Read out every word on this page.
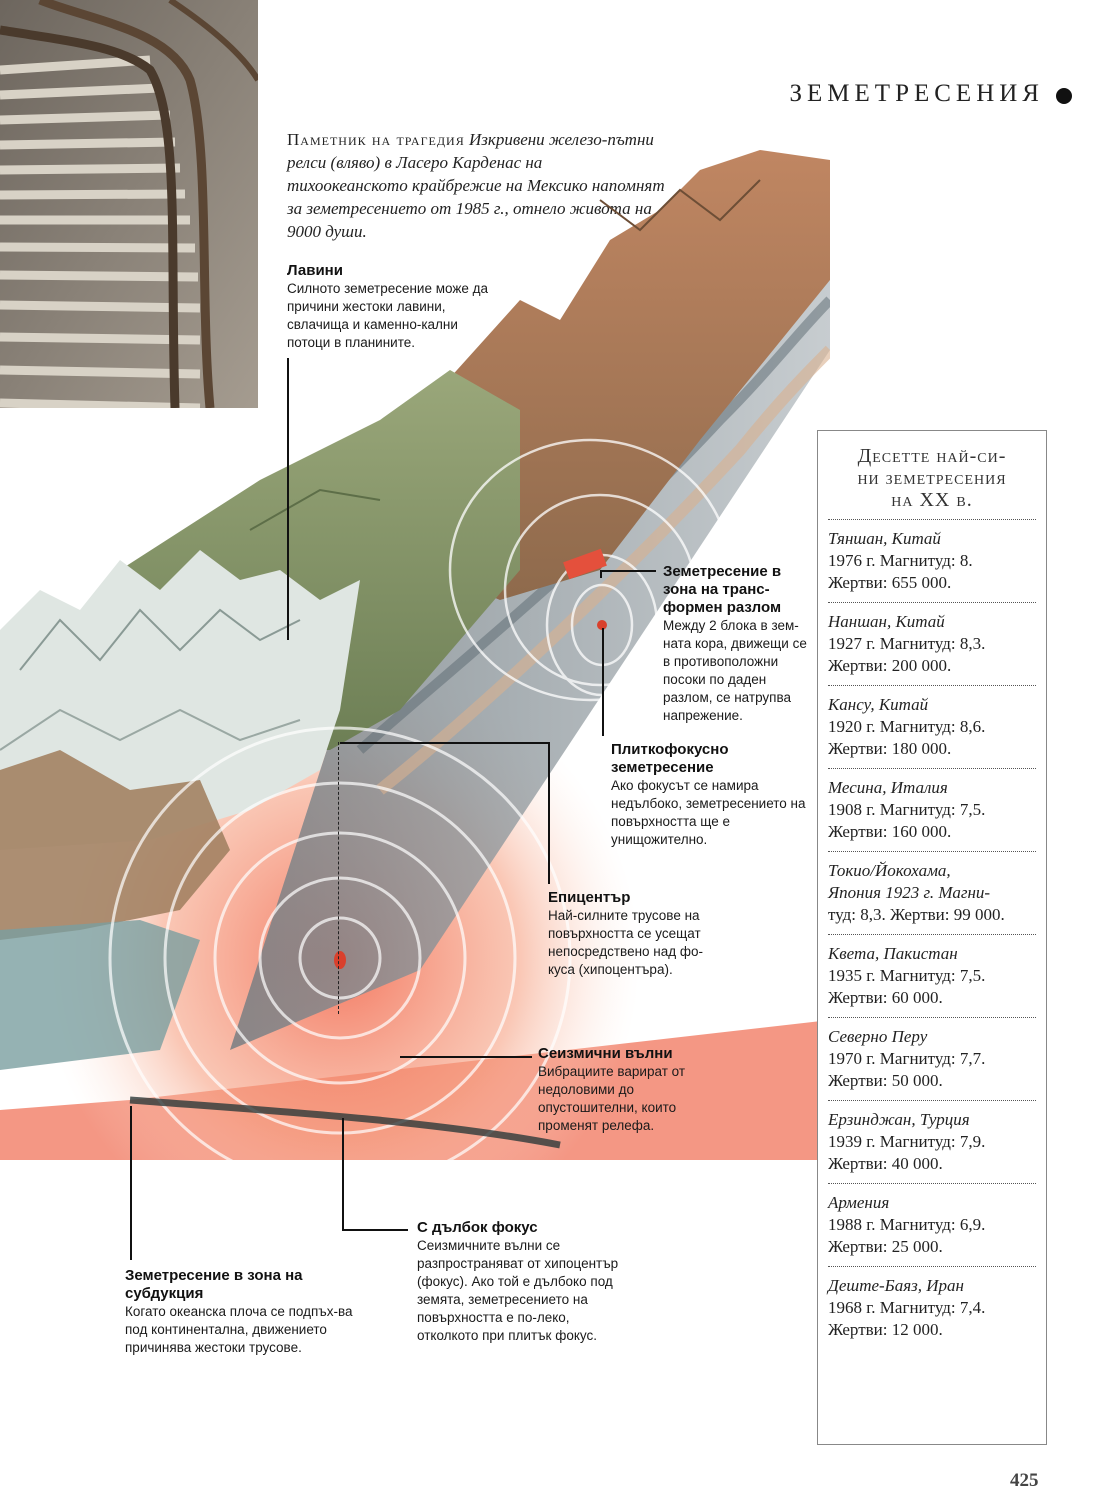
ЗЕМЕТРЕСЕНИЯ
Паметник на трагедия Изкривени железо-пътни релси (вляво) в Ласеро Карденас на тихоокеанското крайбрежие на Мексико напомнят за земетресението от 1985 г., отнело живота на 9000 души.
Лавини
Силното земетресение може да причини жестоки лавини, свлачища и каменно-кални потоци в планините.
Земетресение в зона на транс-формен разлом
Между 2 блока в зем-ната кора, движещи се в противоположни посоки по даден разлом, се натрупва напрежение.
Плиткофокусно земетресение
Ако фокусът се намира недълбоко, земетресението на повърхността ще е унищожително.
Епицентър
Най-силните трусове на повърхността се усещат непосредствено над фо-куса (хипоцентъра).
Сеизмични вълни
Вибрациите варират от недоловими до опустошителни, които променят релефа.
С дълбок фокус
Сеизмичните вълни се разпространяват от хипоцентър (фокус). Ако той е дълбоко под земята, земетресението на повърхността е по-леко, отколкото при плитък фокус.
Земетресение в зона на субдукция
Когато океанска плоча се подпъх-ва под континентална, движението причинява жестоки трусове.
Десетте най-си-
ни земетресения
на XX в.
Тяншан, Китай
1976 г. Магнитуд: 8.
Жертви: 655 000.
Наншан, Китай
1927 г. Магнитуд: 8,3.
Жертви: 200 000.
Кансу, Китай
1920 г. Магнитуд: 8,6.
Жертви: 180 000.
Месина, Италия
1908 г. Магнитуд: 7,5.
Жертви: 160 000.
Токио/Йокохама,
Япония 1923 г. Магни-
туд: 8,3. Жертви: 99 000.
Квета, Пакистан
1935 г. Магнитуд: 7,5.
Жертви: 60 000.
Северно Перу
1970 г. Магнитуд: 7,7.
Жертви: 50 000.
Ерзинджан, Турция
1939 г. Магнитуд: 7,9.
Жертви: 40 000.
Армения
1988 г. Магнитуд: 6,9.
Жертви: 25 000.
Деште-Баяз, Иран
1968 г. Магнитуд: 7,4.
Жертви: 12 000.
425
